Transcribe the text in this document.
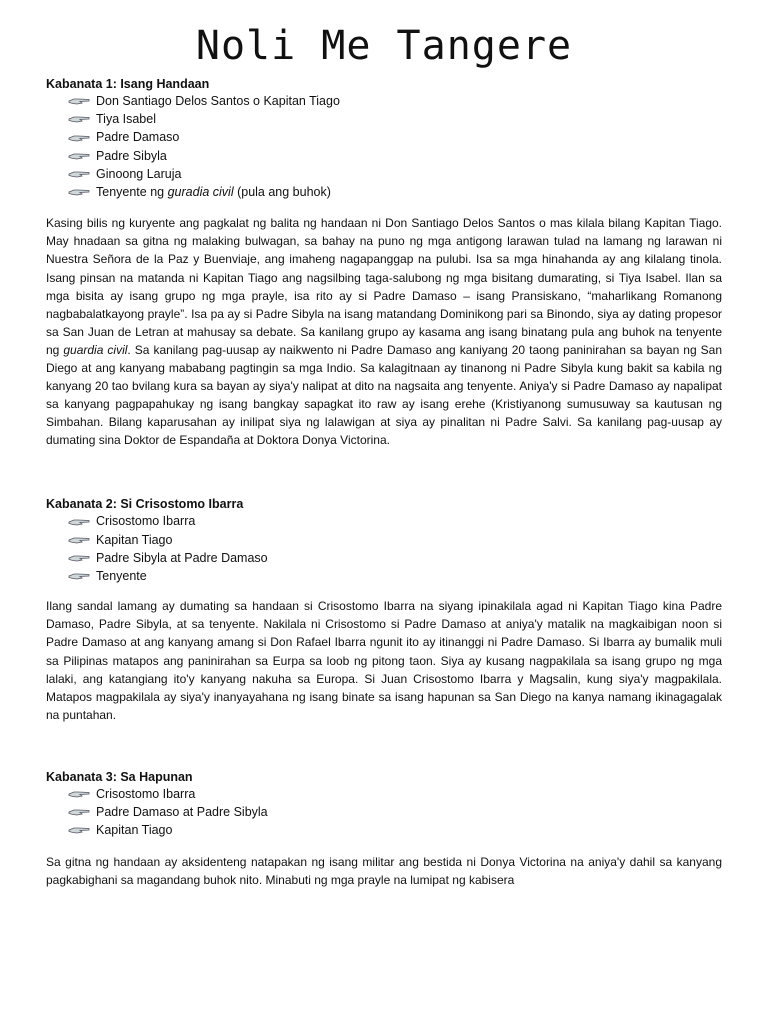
Noli Me Tangere
Kabanata 1: Isang Handaan
Don Santiago Delos Santos o Kapitan Tiago
Tiya Isabel
Padre Damaso
Padre Sibyla
Ginoong Laruja
Tenyente ng guradia civil (pula ang buhok)

Kasing bilis ng kuryente ang pagkalat ng balita ng handaan ni Don Santiago Delos Santos o mas kilala bilang Kapitan Tiago. May hnadaan sa gitna ng malaking bulwagan, sa bahay na puno ng mga antigong larawan tulad na lamang ng larawan ni Nuestra Señora de la Paz y Buenviaje, ang imaheng nagapanggap na pulubi. Isa sa mga hinahanda ay ang kilalang tinola. Isang pinsan na matanda ni Kapitan Tiago ang nagsilbing taga-salubong ng mga bisitang dumarating, si Tiya Isabel. Ilan sa mga bisita ay isang grupo ng mga prayle, isa rito ay si Padre Damaso – isang Pransiskano, “maharlikang Romanong nagbabalatkayong prayle”. Isa pa ay si Padre Sibyla na isang matandang Dominikong pari sa Binondo, siya ay dating propesor sa San Juan de Letran at mahusay sa debate. Sa kanilang grupo ay kasama ang isang binatang pula ang buhok na tenyente ng guardia civil. Sa kanilang pag-uusap ay naikwento ni Padre Damaso ang kaniyang 20 taong paninirahan sa bayan ng San Diego at ang kanyang mababang pagtingin sa mga Indio. Sa kalagitnaan ay tinanong ni Padre Sibyla kung bakit sa kabila ng kanyang 20 tao bvilang kura sa bayan ay siya'y nalipat at dito na nagsaita ang tenyente. Aniya'y si Padre Damaso ay napalipat sa kanyang pagpapahukay ng isang bangkay sapagkat ito raw ay isang erehe (Kristiyanong sumusuway sa kautusan ng Simbahan. Bilang kaparusahan ay inilipat siya ng lalawigan at siya ay pinalitan ni Padre Salvi. Sa kanilang pag-uusap ay dumating sina Doktor de Espandaña at Doktora Donya Victorina.

Kabanata 2: Si Crisostomo Ibarra
Crisostomo Ibarra
Kapitan Tiago
Padre Sibyla at Padre Damaso
Tenyente

Ilang sandal lamang ay dumating sa handaan si Crisostomo Ibarra na siyang ipinakilala agad ni Kapitan Tiago kina Padre Damaso, Padre Sibyla, at sa tenyente. Nakilala ni Crisostomo si Padre Damaso at aniya'y matalik na magkaibigan noon si Padre Damaso at ang kanyang amang si Don Rafael Ibarra ngunit ito ay itinanggi ni Padre Damaso. Si Ibarra ay bumalik muli sa Pilipinas matapos ang paninirahan sa Eurpa sa loob ng pitong taon. Siya ay kusang nagpakilala sa isang grupo ng mga lalaki, ang katangiang ito'y kanyang nakuha sa Europa. Si Juan Crisostomo Ibarra y Magsalin, kung siya'y magpakilala. Matapos magpakilala ay siya'y inanyayahana ng isang binate sa isang hapunan sa San Diego na kanya namang ikinagagalak na puntahan.

Kabanata 3: Sa Hapunan
Crisostomo Ibarra
Padre Damaso at Padre Sibyla
Kapitan Tiago

Sa gitna ng handaan ay aksidenteng natapakan ng isang militar ang bestida ni Donya Victorina na aniya'y dahil sa kanyang pagkabighani sa magandang buhok nito. Minabuti ng mga prayle na lumipat ng kabisera
